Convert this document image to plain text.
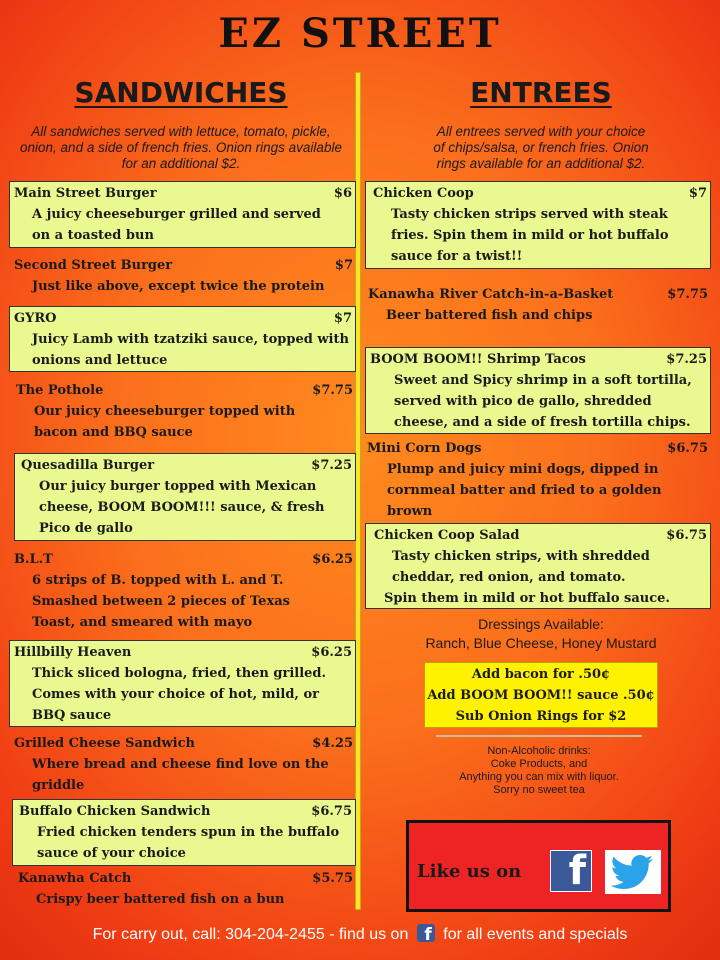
EZ STREET
SANDWICHES
All sandwiches served with lettuce, tomato, pickle,
onion, and a side of french fries. Onion rings available
for an additional $2.
Main Street Burger	$6
A juicy cheeseburger grilled and served
on a toasted bun
Second Street Burger	$7
Just like above, except twice the protein
GYRO	$7
Juicy Lamb with tzatziki sauce, topped with
onions and lettuce
The Pothole	$7.75
Our juicy cheeseburger topped with
bacon and BBQ sauce
Quesadilla Burger	$7.25
Our juicy burger topped with Mexican
cheese, BOOM BOOM!!! sauce, & fresh
Pico de gallo
B.L.T	$6.25
6 strips of B. topped with L. and T.
Smashed between 2 pieces of Texas
Toast, and smeared with mayo
Hillbilly Heaven	$6.25
Thick sliced bologna, fried, then grilled.
Comes with your choice of hot, mild, or
BBQ sauce
Grilled Cheese Sandwich	$4.25
Where bread and cheese find love on the
griddle
Buffalo Chicken Sandwich	$6.75
Fried chicken tenders spun in the buffalo
sauce of your choice
Kanawha Catch	$5.75
Crispy beer battered fish on a bun
ENTREES
All entrees served with your choice
of chips/salsa, or french fries. Onion
rings available for an additional $2.
Chicken Coop	$7
Tasty chicken strips served with steak
fries. Spin them in mild or hot buffalo
sauce for a twist!!
Kanawha River Catch-in-a-Basket	$7.75
Beer battered fish and chips
BOOM BOOM!! Shrimp Tacos	$7.25
Sweet and Spicy shrimp in a soft tortilla,
served with pico de gallo, shredded
cheese, and a side of fresh tortilla chips.
Mini Corn Dogs	$6.75
Plump and juicy mini dogs, dipped in
cornmeal batter and fried to a golden
brown
Chicken Coop Salad	$6.75
Tasty chicken strips, with shredded
cheddar, red onion, and tomato.
Spin them in mild or hot buffalo sauce.
Dressings Available:
Ranch, Blue Cheese, Honey Mustard
Add bacon for .50¢
Add BOOM BOOM!! sauce .50¢
Sub Onion Rings for $2
Non-Alcoholic drinks:
Coke Products, and
Anything you can mix with liquor.
Sorry no sweet tea
Like us on f
For carry out, call: 304-204-2455 - find us on f for all events and specials
